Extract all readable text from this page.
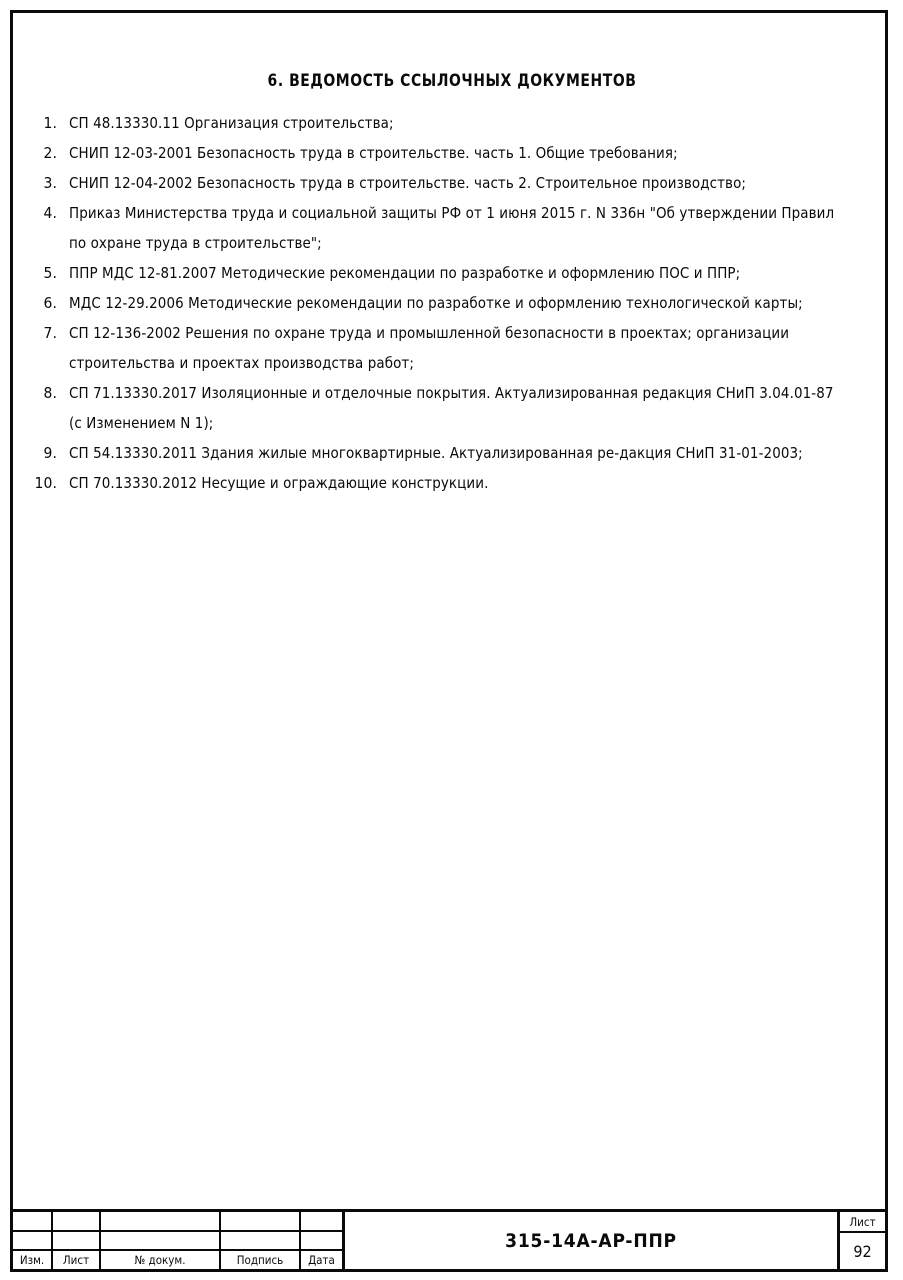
6. ВЕДОМОСТЬ ССЫЛОЧНЫХ ДОКУМЕНТОВ
1. СП 48.13330.11 Организация строительства;
2. СНИП 12-03-2001 Безопасность труда в строительстве. часть 1. Общие требования;
3. СНИП 12-04-2002 Безопасность труда в строительстве. часть 2. Строительное производство;
4. Приказ Министерства труда и социальной защиты РФ от 1 июня 2015 г. N 336н "Об утверждении Правил по охране труда в строительстве";
5. ППР МДС 12-81.2007 Методические рекомендации по разработке и оформлению ПОС и ППР;
6. МДС 12-29.2006 Методические рекомендации по разработке и оформлению технологической карты;
7. СП 12-136-2002 Решения по охране труда и промышленной безопасности в проектах; организации строительства и проектах производства работ;
8. СП 71.13330.2017 Изоляционные и отделочные покрытия. Актуализированная редакция СНиП 3.04.01-87 (с Изменением N 1);
9. СП 54.13330.2011 Здания жилые многоквартирные. Актуализированная ре-дакция СНиП 31-01-2003;
10. СП 70.13330.2012 Несущие и ограждающие конструкции.
Изм.	Лист	№ докум.	Подпись	Дата
315-14A-AP-ППР
Лист
92
